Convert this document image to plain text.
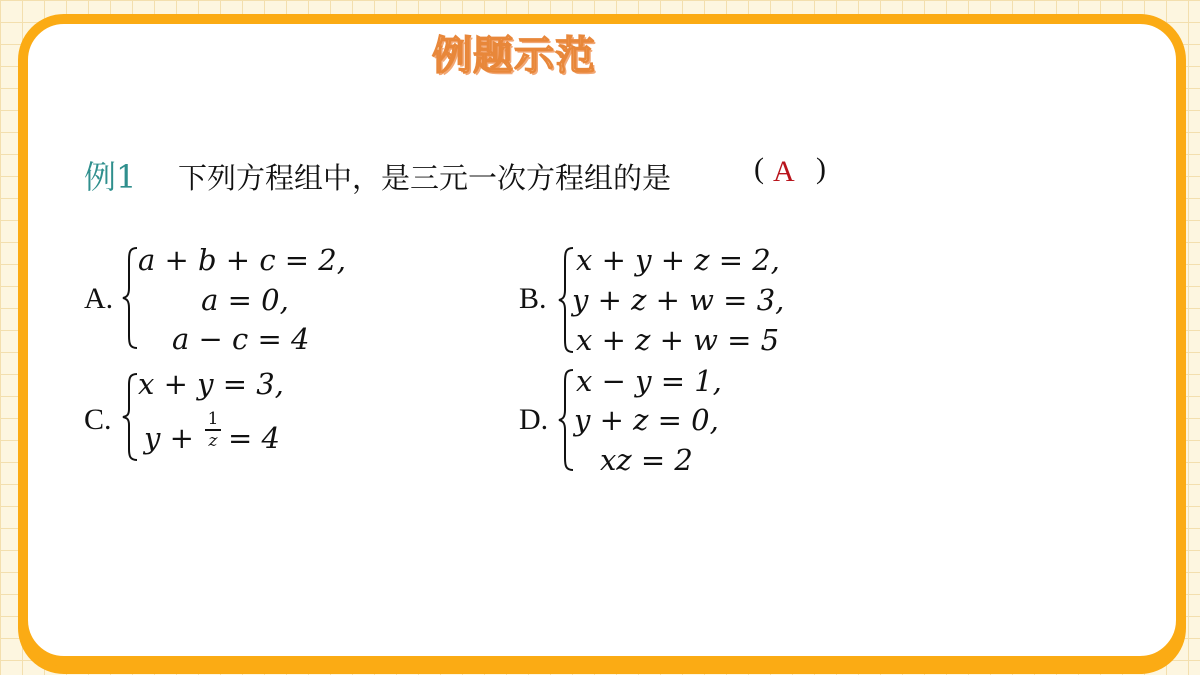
例题示范
例1 下列方程组中，是三元一次方程组的是	( A )
A.
a + b + c = 2,
a = 0,
a − c = 4
B.
x + y + z = 2,
y + z + w = 3,
x + z + w = 5
C.
x + y = 3,
y +
1
z = 4
D.
x − y = 1,
y + z = 0,
xz = 2
